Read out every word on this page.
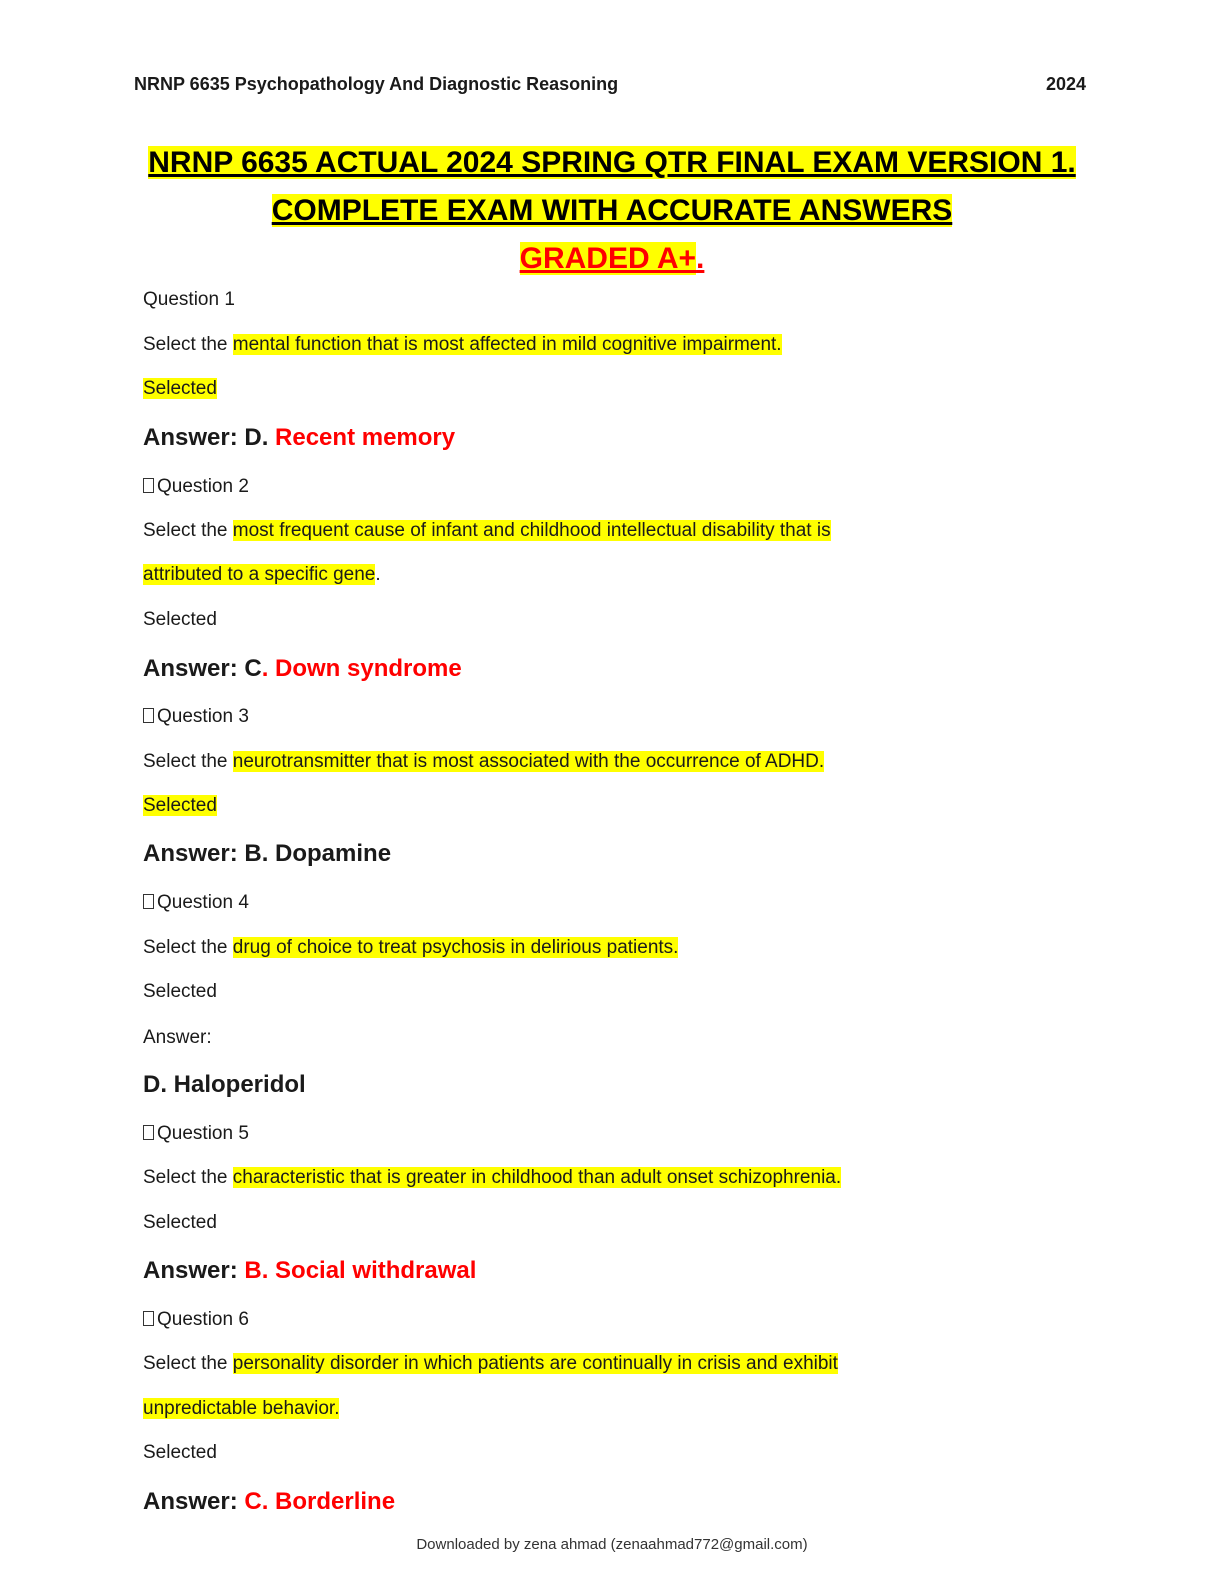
NRNP 6635 Psychopathology And Diagnostic Reasoning	2024
NRNP 6635 ACTUAL 2024 SPRING QTR FINAL EXAM VERSION 1.
COMPLETE EXAM WITH ACCURATE ANSWERS
GRADED A+.
Question 1
Select the mental function that is most affected in mild cognitive impairment.
Selected
Answer: D. Recent memory
Question 2
Select the most frequent cause of infant and childhood intellectual disability that is
attributed to a specific gene.
Selected
Answer: C. Down syndrome
Question 3
Select the neurotransmitter that is most associated with the occurrence of ADHD.
Selected
Answer: B. Dopamine
Question 4
Select the drug of choice to treat psychosis in delirious patients.
Selected
Answer:
D. Haloperidol
Question 5
Select the characteristic that is greater in childhood than adult onset schizophrenia.
Selected
Answer: B. Social withdrawal
Question 6
Select the personality disorder in which patients are continually in crisis and exhibit
unpredictable behavior.
Selected
Answer: C. Borderline
Downloaded by zena ahmad (zenaahmad772@gmail.com)
